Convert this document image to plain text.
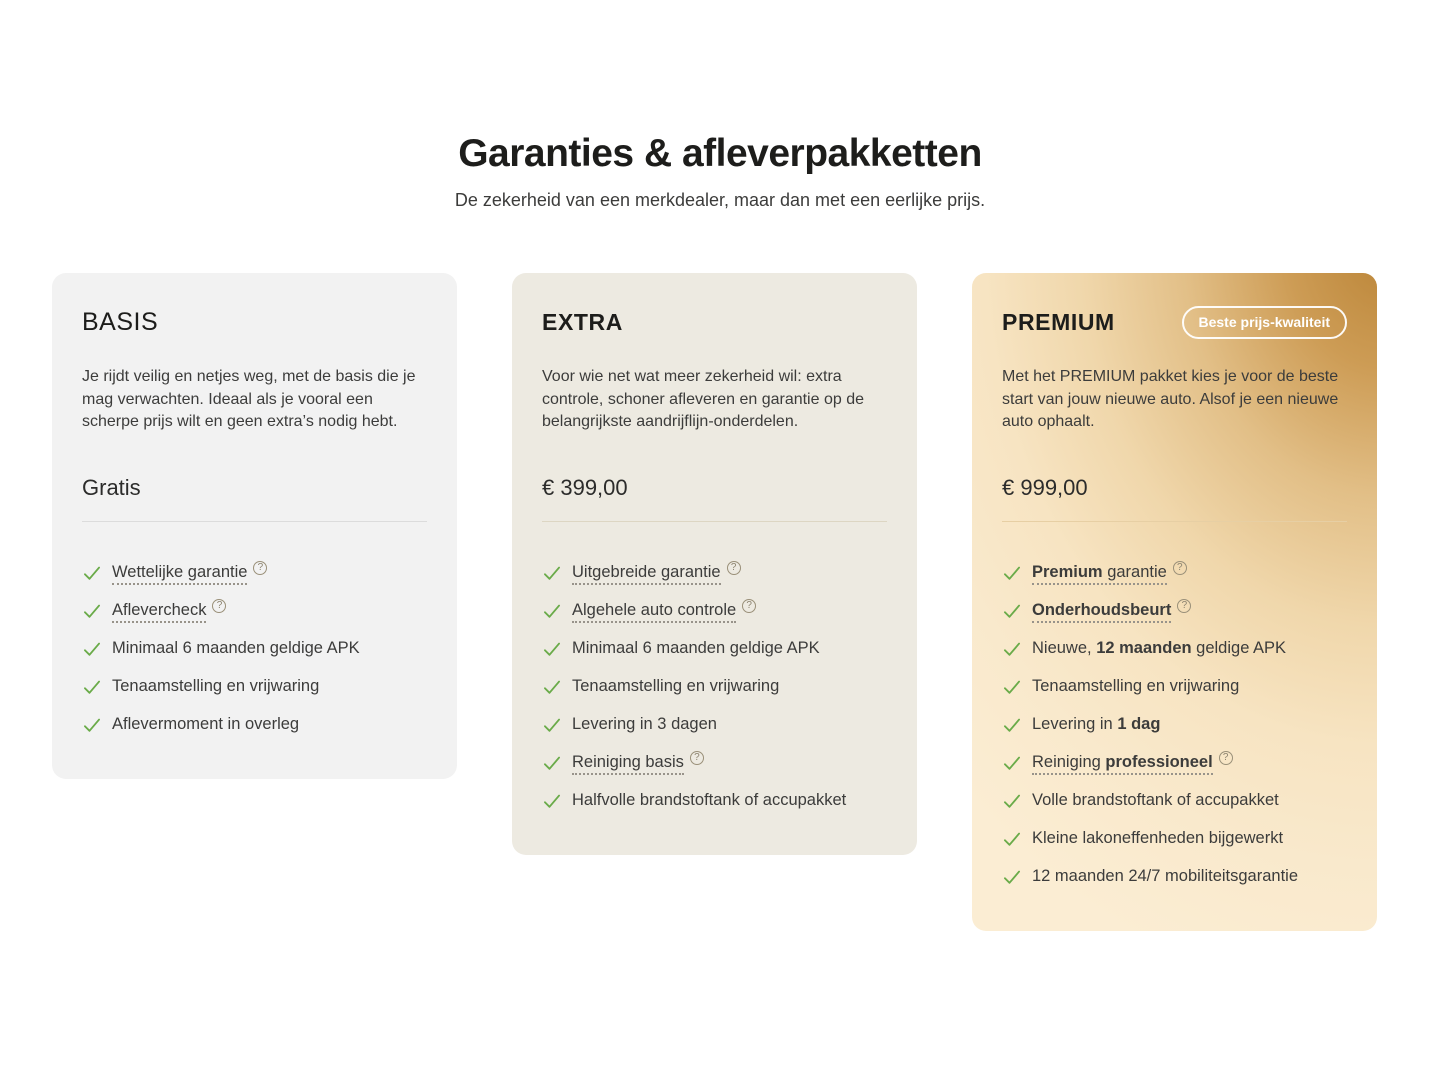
Garanties & afleverpakketten

De zekerheid van een merkdealer, maar dan met een eerlijke prijs.

BASIS

Je rijdt veilig en netjes weg, met de basis die je mag verwachten. Ideaal als je vooral een scherpe prijs wilt en geen extra’s nodig hebt.

Gratis
Wettelijke garantie ?
Aflevercheck ?
Minimaal 6 maanden geldige APK
Tenaamstelling en vrijwaring
Aflevermoment in overleg
EXTRA

Voor wie net wat meer zekerheid wil: extra controle, schoner afleveren en garantie op de belangrijkste aandrijflijn-onderdelen.

€ 399,00
Uitgebreide garantie ?
Algehele auto controle ?
Minimaal 6 maanden geldige APK
Tenaamstelling en vrijwaring
Levering in 3 dagen
Reiniging basis ?
Halfvolle brandstoftank of accupakket
PREMIUM	Beste prijs-kwaliteit

Met het PREMIUM pakket kies je voor de beste start van jouw nieuwe auto. Alsof je een nieuwe auto ophaalt.

€ 999,00
Premium garantie ?
Onderhoudsbeurt ?
Nieuwe, 12 maanden geldige APK
Tenaamstelling en vrijwaring
Levering in 1 dag
Reiniging professioneel ?
Volle brandstoftank of accupakket
Kleine lakoneffenheden bijgewerkt
12 maanden 24/7 mobiliteitsgarantie
